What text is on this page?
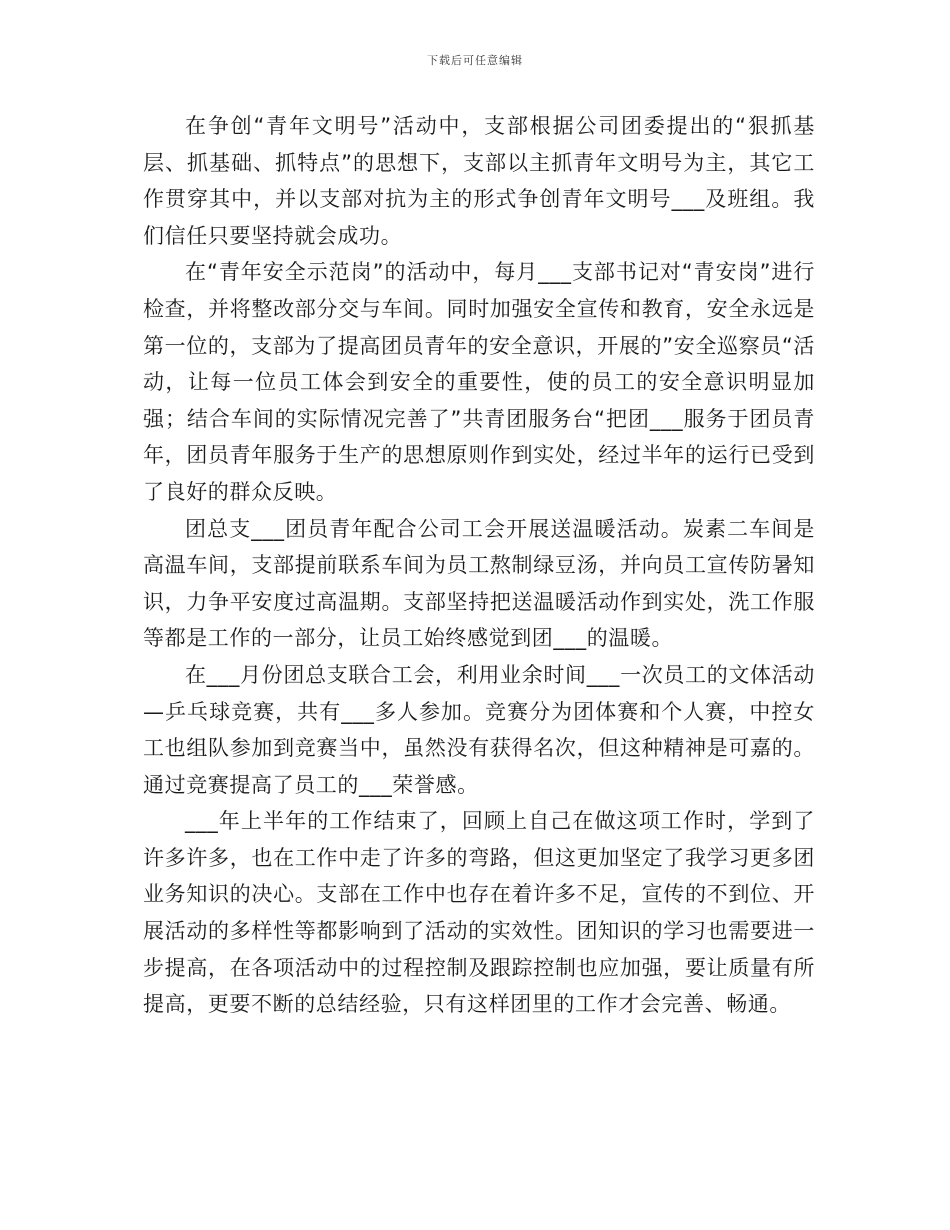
下载后可任意编辑

在争创“青年文明号”活动中，支部根据公司团委提出的“狠抓基层、抓基础、抓特点”的思想下，支部以主抓青年文明号为主，其它工作贯穿其中，并以支部对抗为主的形式争创青年文明号___及班组。我们信任只要坚持就会成功。

在“青年安全示范岗”的活动中，每月___支部书记对“青安岗”进行检查，并将整改部分交与车间。同时加强安全宣传和教育，安全永远是第一位的，支部为了提高团员青年的安全意识，开展的”安全巡察员“活动，让每一位员工体会到安全的重要性，使的员工的安全意识明显加强；结合车间的实际情况完善了”共青团服务台“把团___服务于团员青年，团员青年服务于生产的思想原则作到实处，经过半年的运行已受到了良好的群众反映。

团总支___团员青年配合公司工会开展送温暖活动。炭素二车间是高温车间，支部提前联系车间为员工熬制绿豆汤，并向员工宣传防暑知识，力争平安度过高温期。支部坚持把送温暖活动作到实处，洗工作服等都是工作的一部分，让员工始终感觉到团___的温暖。

在___月份团总支联合工会，利用业余时间___一次员工的文体活动—乒乓球竞赛，共有___多人参加。竞赛分为团体赛和个人赛，中控女工也组队参加到竞赛当中，虽然没有获得名次，但这种精神是可嘉的。通过竞赛提高了员工的___荣誉感。

___年上半年的工作结束了，回顾上自己在做这项工作时，学到了许多许多，也在工作中走了许多的弯路，但这更加坚定了我学习更多团业务知识的决心。支部在工作中也存在着许多不足，宣传的不到位、开展活动的多样性等都影响到了活动的实效性。团知识的学习也需要进一步提高，在各项活动中的过程控制及跟踪控制也应加强，要让质量有所提高，更要不断的总结经验，只有这样团里的工作才会完善、畅通。
